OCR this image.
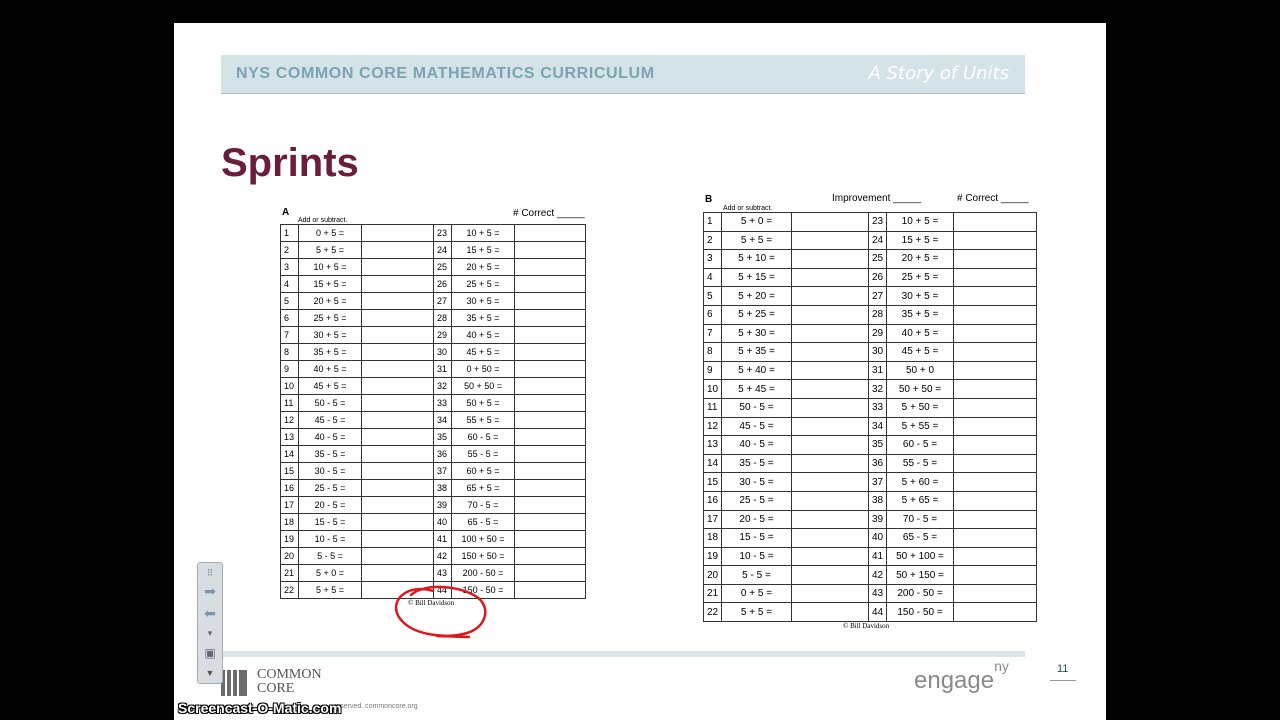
NYS COMMON CORE MATHEMATICS CURRICULUM	A Story of Units
Sprints
A
Add or subtract.
# Correct _____
1	0 + 5 =		23	10 + 5 =	
2	5 + 5 =		24	15 + 5 =	
3	10 + 5 =		25	20 + 5 =	
4	15 + 5 =		26	25 + 5 =	
5	20 + 5 =		27	30 + 5 =	
6	25 + 5 =		28	35 + 5 =	
7	30 + 5 =		29	40 + 5 =	
8	35 + 5 =		30	45 + 5 =	
9	40 + 5 =		31	0 + 50 =	
10	45 + 5 =		32	50 + 50 =	
11	50 - 5 =		33	50 + 5 =	
12	45 - 5 =		34	55 + 5 =	
13	40 - 5 =		35	60 - 5 =	
14	35 - 5 =		36	55 - 5 =	
15	30 - 5 =		37	60 + 5 =	
16	25 - 5 =		38	65 + 5 =	
17	20 - 5 =		39	70 - 5 =	
18	15 - 5 =		40	65 - 5 =	
19	10 - 5 =		41	100 + 50 =	
20	5 - 5 =		42	150 + 50 =	
21	5 + 0 =		43	200 - 50 =	
22	5 + 5 =		44	150 - 50 =	
© Bill Davidson
B
Add or subtract.
Improvement _____	# Correct _____
1	5 + 0 =		23	10 + 5 =	
2	5 + 5 =		24	15 + 5 =	
3	5 + 10 =		25	20 + 5 =	
4	5 + 15 =		26	25 + 5 =	
5	5 + 20 =		27	30 + 5 =	
6	5 + 25 =		28	35 + 5 =	
7	5 + 30 =		29	40 + 5 =	
8	5 + 35 =		30	45 + 5 =	
9	5 + 40 =		31	50 + 0	
10	5 + 45 =		32	50 + 50 =	
11	50 - 5 =		33	5 + 50 =	
12	45 - 5 =		34	5 + 55 =	
13	40 - 5 =		35	60 - 5 =	
14	35 - 5 =		36	55 - 5 =	
15	30 - 5 =		37	5 + 60 =	
16	25 - 5 =		38	5 + 65 =	
17	20 - 5 =		39	70 - 5 =	
18	15 - 5 =		40	65 - 5 =	
19	10 - 5 =		41	50 + 100 =	
20	5 - 5 =		42	50 + 150 =	
21	0 + 5 =		43	200 - 50 =	
22	5 + 5 =		44	150 - 50 =	
© Bill Davidson
COMMON
CORE
reserved. commoncore.org
engage$^{ny}$	11
⠿
➡
⬅
▾
▣
▼
Screencast-O-Matic.com
